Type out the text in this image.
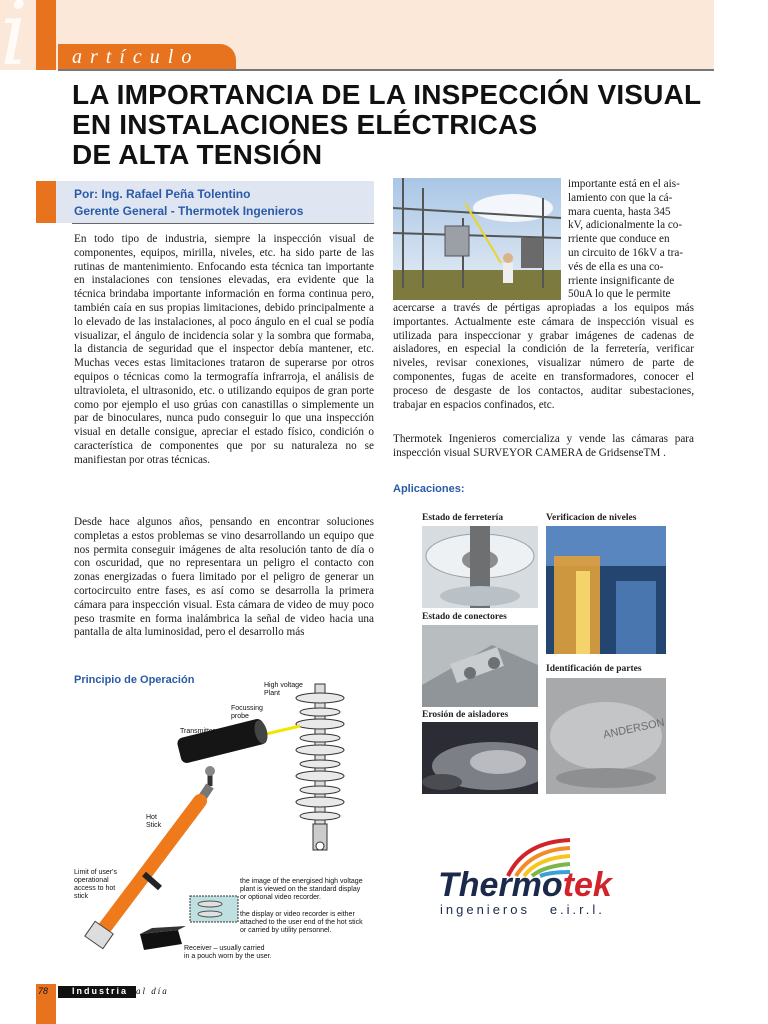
i artículo
LA IMPORTANCIA DE LA INSPECCIÓN VISUAL
EN INSTALACIONES ELÉCTRICAS
DE ALTA TENSIÓN
Por: Ing. Rafael Peña Tolentino
Gerente General - Thermotek Ingenieros
En todo tipo de industria, siempre la inspección visual de componentes, equipos, mirilla, niveles, etc. ha sido parte de las rutinas de mantenimiento. Enfocando esta técnica tan importante en instalaciones con tensiones elevadas, era evidente que la técnica brindaba importante información en forma continua pero, también caía en sus propias limitaciones, debido principalmente a lo elevado de las instalaciones, al poco ángulo en el cual se podía visualizar, el ángulo de incidencia solar y la sombra que formaba, la distancia de seguridad que el inspector debía mantener, etc. Muchas veces estas limitaciones trataron de superarse por otros equipos o técnicas como la termografía infrarroja, el análisis de ultravioleta, el ultrasonido, etc. o utilizando equipos de gran porte como por ejemplo el uso grúas con canastillas o simplemente un par de binoculares, nunca pudo conseguir lo que una inspección visual en detalle consigue, apreciar el estado físico, condición o característica de componentes que por su naturaleza no se manifiestan por otras técnicas.
Desde hace algunos años, pensando en encontrar soluciones completas a estos problemas se vino desarrollando un equipo que nos permita conseguir imágenes de alta resolución tanto de día o con oscuridad, que no representara un peligro el contacto con zonas energizadas o fuera limitado por el peligro de generar un cortocircuito entre fases, es así como se desarrolla la primera cámara para inspección visual. Esta cámara de video de muy poco peso trasmite en forma inalámbrica la señal de video hacia una pantalla de alta luminosidad, pero el desarrollo más
Principio de Operación	High voltage
Plant
Focussing
probe
Transmitter
Hot
Stick
Limit of user's
operational
access to hot
stick
the image of the energised high voltage
plant is viewed on the standard display
or optional video recorder.
the display or video recorder is either
attached to the user end of the hot stick
or carried by utility personnel.
Receiver – usually carried
in a pouch worn by the user.
importante está en el ais-
lamiento con que la cá-
mara cuenta, hasta 345
kV, adicionalmente la co-
rriente que conduce en
un circuito de 16kV a tra-
vés de ella es una co-
rriente insignificante de
50uA lo que le permite
acercarse a través de pértigas apropiadas a los equipos más importantes. Actualmente este cámara de inspección visual es utilizada para inspeccionar y grabar imágenes de cadenas de aisladores, en especial la condición de la ferretería, verificar niveles, revisar conexiones, visualizar número de parte de componentes, fugas de aceite en transformadores, conocer el proceso de desgaste de los contactos, auditar subestaciones, trabajar en espacios confinados, etc.
Thermotek Ingenieros comercializa y vende las cámaras para inspección visual SURVEYOR CAMERA de GridsenseTM .
Aplicaciones:
Estado de ferretería	Verificacion de niveles
Estado de conectores
Identificación de partes
ANDERSON
Erosión de aisladores
Thermotek
ingenieros   e.i.r.l.
78	Industria al día
